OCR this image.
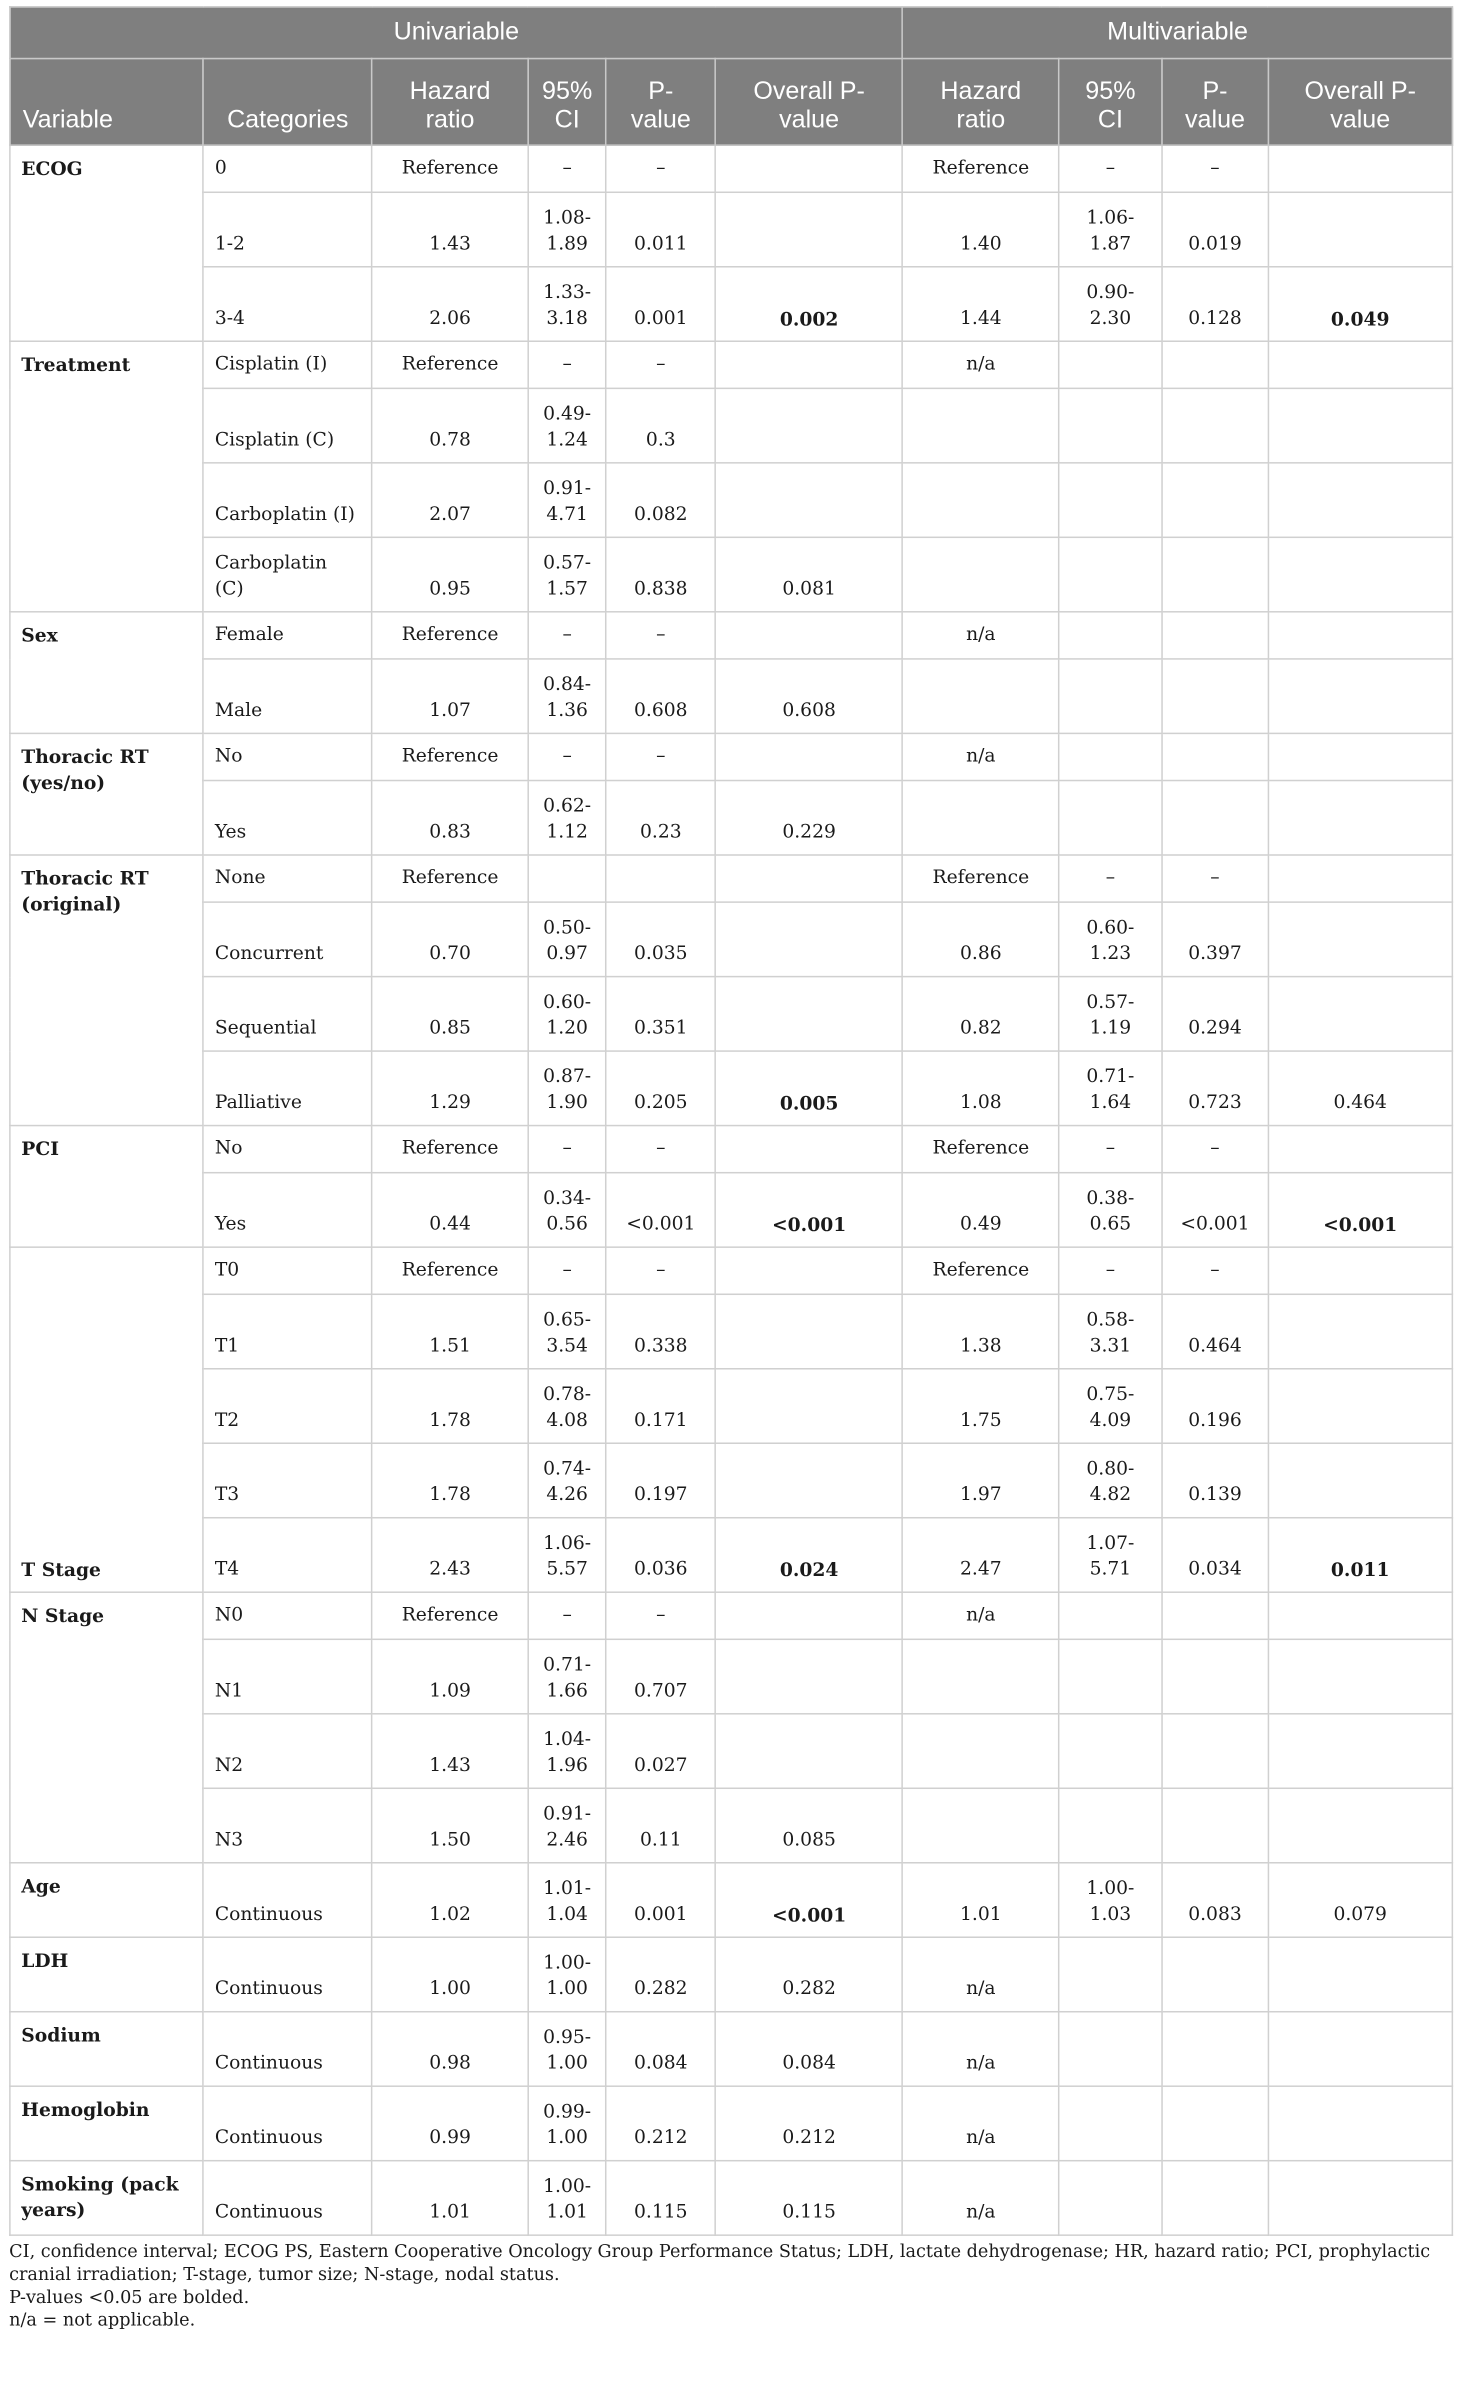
Univariable						Multivariable			
Variable	Categories	Hazard ratio	95% CI	P-value	Overall P-value	Hazard ratio	95% CI	P-value	Overall P-value
ECOG	0	Reference	–	–		Reference	–	–	
	1-2	1.43	1.08-1.89	0.011		1.40	1.06-1.87	0.019	
	3-4	2.06	1.33-3.18	0.001	0.002	1.44	0.90-2.30	0.128	0.049
Treatment	Cisplatin (I)	Reference	–	–		n/a			
	Cisplatin (C)	0.78	0.49-1.24	0.3					
	Carboplatin (I)	2.07	0.91-4.71	0.082					
	Carboplatin (C)	0.95	0.57-1.57	0.838	0.081				
Sex	Female	Reference	–	–		n/a			
	Male	1.07	0.84-1.36	0.608	0.608				
Thoracic RT (yes/no)	No	Reference	–	–		n/a			
	Yes	0.83	0.62-1.12	0.23	0.229				
Thoracic RT (original)	None	Reference				Reference	–	–	
	Concurrent	0.70	0.50-0.97	0.035		0.86	0.60-1.23	0.397	
	Sequential	0.85	0.60-1.20	0.351		0.82	0.57-1.19	0.294	
	Palliative	1.29	0.87-1.90	0.205	0.005	1.08	0.71-1.64	0.723	0.464
PCI	No	Reference	–	–		Reference	–	–	
	Yes	0.44	0.34-0.56	<0.001	<0.001	0.49	0.38-0.65	<0.001	<0.001
T Stage	T0	Reference	–	–		Reference	–	–	
	T1	1.51	0.65-3.54	0.338		1.38	0.58-3.31	0.464	
	T2	1.78	0.78-4.08	0.171		1.75	0.75-4.09	0.196	
	T3	1.78	0.74-4.26	0.197		1.97	0.80-4.82	0.139	
	T4	2.43	1.06-5.57	0.036	0.024	2.47	1.07-5.71	0.034	0.011
N Stage	N0	Reference	–	–		n/a			
	N1	1.09	0.71-1.66	0.707					
	N2	1.43	1.04-1.96	0.027					
	N3	1.50	0.91-2.46	0.11	0.085				
Age	Continuous	1.02	1.01-1.04	0.001	<0.001	1.01	1.00-1.03	0.083	0.079
LDH	Continuous	1.00	1.00-1.00	0.282	0.282	n/a			
Sodium	Continuous	0.98	0.95-1.00	0.084	0.084	n/a			
Hemoglobin	Continuous	0.99	0.99-1.00	0.212	0.212	n/a			
Smoking (pack years)	Continuous	1.01	1.00-1.01	0.115	0.115	n/a			

CI, confidence interval; ECOG PS, Eastern Cooperative Oncology Group Performance Status; LDH, lactate dehydrogenase; HR, hazard ratio; PCI, prophylactic cranial irradiation; T-stage, tumor size; N-stage, nodal status.

P-values <0.05 are bolded.

n/a = not applicable.
